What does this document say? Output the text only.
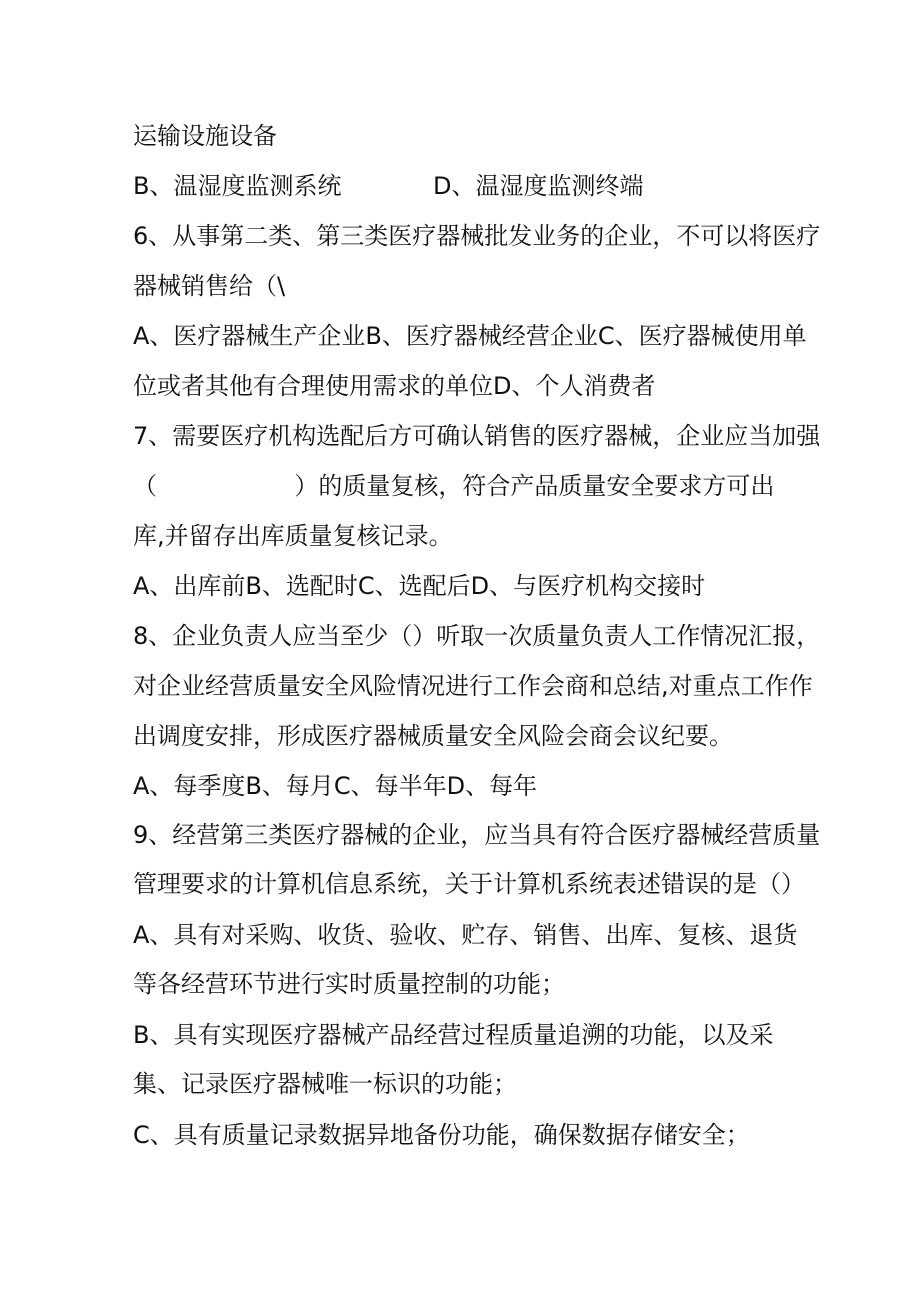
运输设施设备

B、温湿度监测系统            D、温湿度监测终端

6、从事第二类、第三类医疗器械批发业务的企业，不可以将医疗

器械销售给（\

A、医疗器械生产企业B、医疗器械经营企业C、医疗器械使用单

位或者其他有合理使用需求的单位D、个人消费者

7、需要医疗机构选配后方可确认销售的医疗器械，企业应当加强

（                  ）的质量复核，符合产品质量安全要求方可出

库,并留存出库质量复核记录。

A、出库前B、选配时C、选配后D、与医疗机构交接时

8、企业负责人应当至少（）听取一次质量负责人工作情况汇报，

对企业经营质量安全风险情况进行工作会商和总结,对重点工作作

出调度安排，形成医疗器械质量安全风险会商会议纪要。

A、每季度B、每月C、每半年D、每年

9、经营第三类医疗器械的企业，应当具有符合医疗器械经营质量

管理要求的计算机信息系统，关于计算机系统表述错误的是（）

A、具有对采购、收货、验收、贮存、销售、出库、复核、退货

等各经营环节进行实时质量控制的功能；

B、具有实现医疗器械产品经营过程质量追溯的功能，以及采

集、记录医疗器械唯一标识的功能；

C、具有质量记录数据异地备份功能，确保数据存储安全；
